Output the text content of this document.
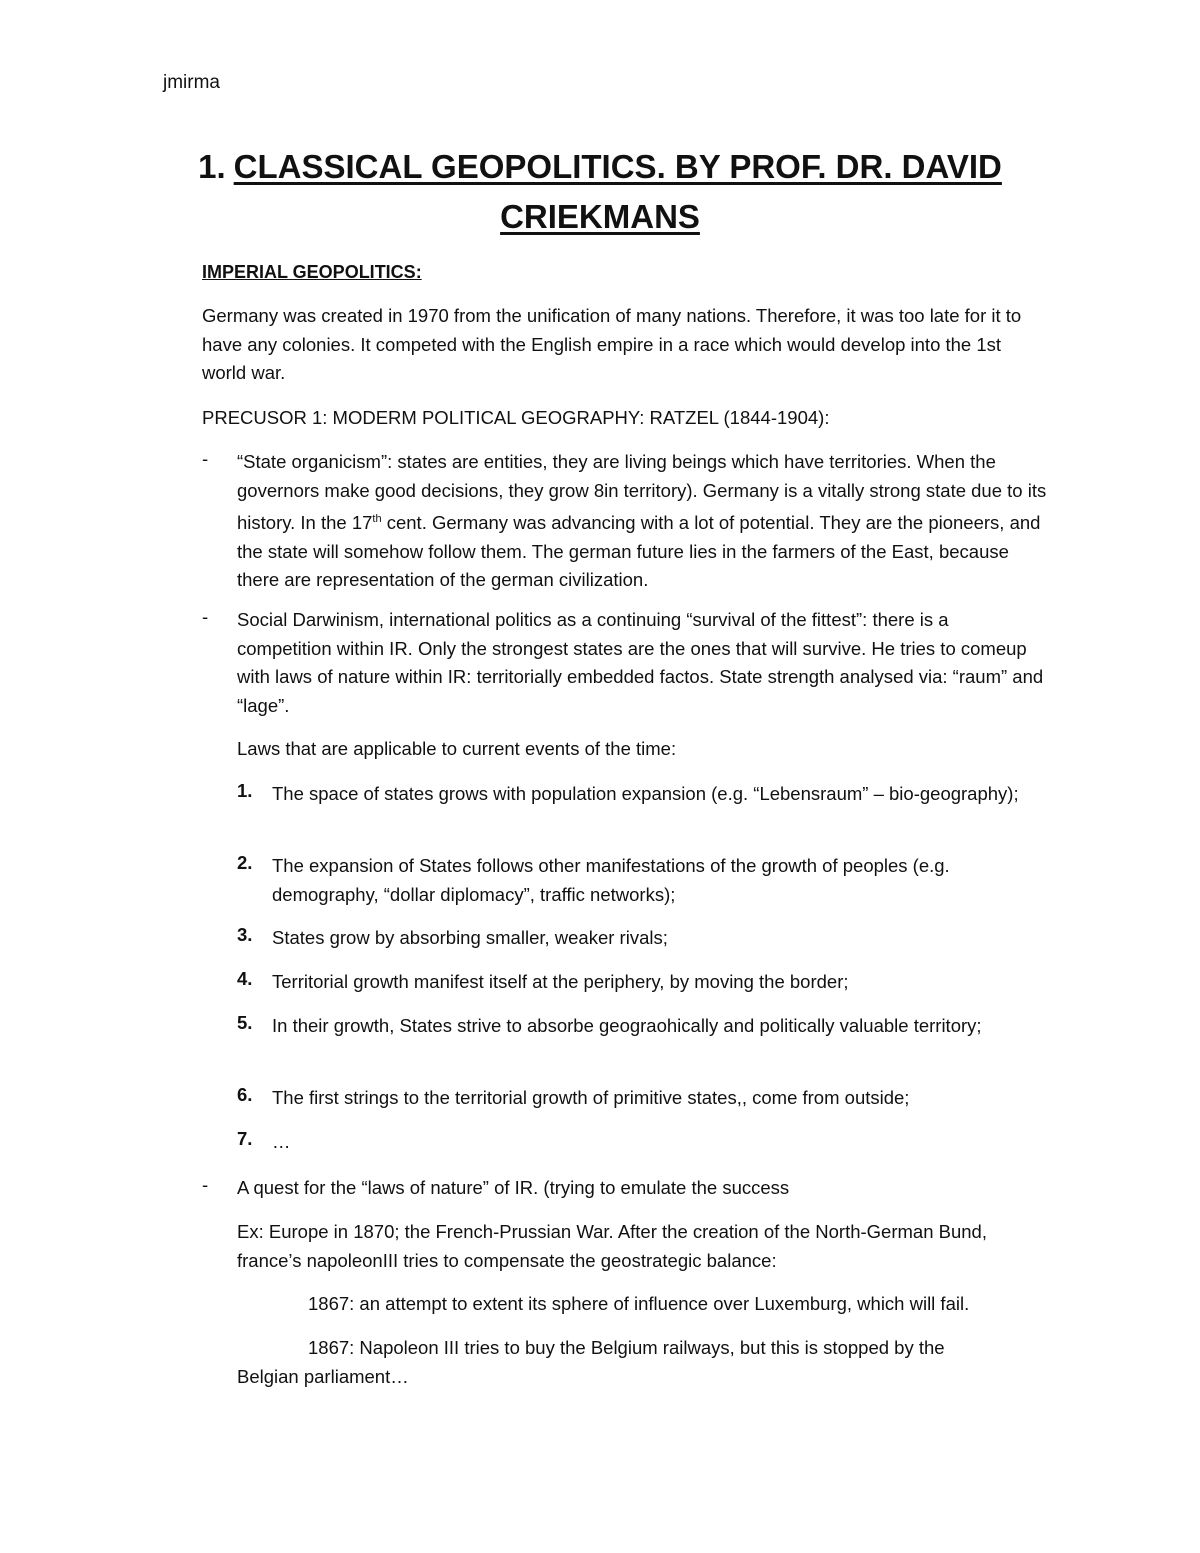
jmirma
1. CLASSICAL GEOPOLITICS. BY PROF. DR. DAVID
CRIEKMANS
IMPERIAL GEOPOLITICS:
Germany was created in 1970 from the unification of many nations. Therefore, it was too late for it to have any colonies. It competed with the English empire in a race which would develop into the 1st world war.
PRECUSOR 1: MODERM POLITICAL GEOGRAPHY: RATZEL (1844-1904):
- “State organicism”: states are entities, they are living beings which have territories. When the governors make good decisions, they grow 8in territory). Germany is a vitally strong state due to its history. In the 17th cent. Germany was advancing with a lot of potential. They are the pioneers, and the state will somehow follow them. The german future lies in the farmers of the East, because there are representation of the german civilization.
- Social Darwinism, international politics as a continuing “survival of the fittest”: there is a competition within IR. Only the strongest states are the ones that will survive. He tries to comeup with laws of nature within IR: territorially embedded factos. State strength analysed via: “raum” and “lage”.
Laws that are applicable to current events of the time:
1. The space of states grows with population expansion (e.g. “Lebensraum” – bio-geography);
2. The expansion of States follows other manifestations of the growth of peoples (e.g. demography, “dollar diplomacy”, traffic networks);
3. States grow by absorbing smaller, weaker rivals;
4. Territorial growth manifest itself at the periphery, by moving the border;
5. In their growth, States strive to absorbe geograohically and politically valuable territory;
6. The first strings to the territorial growth of primitive states,, come from outside;
7. …
- A quest for the “laws of nature” of IR. (trying to emulate the success
Ex: Europe in 1870; the French-Prussian War. After the creation of the North-German Bund, france’s napoleonIII tries to compensate the geostrategic balance:
1867: an attempt to extent its sphere of influence over Luxemburg, which will fail.
1867: Napoleon III tries to buy the Belgium railways, but this is stopped by the
Belgian parliament…
